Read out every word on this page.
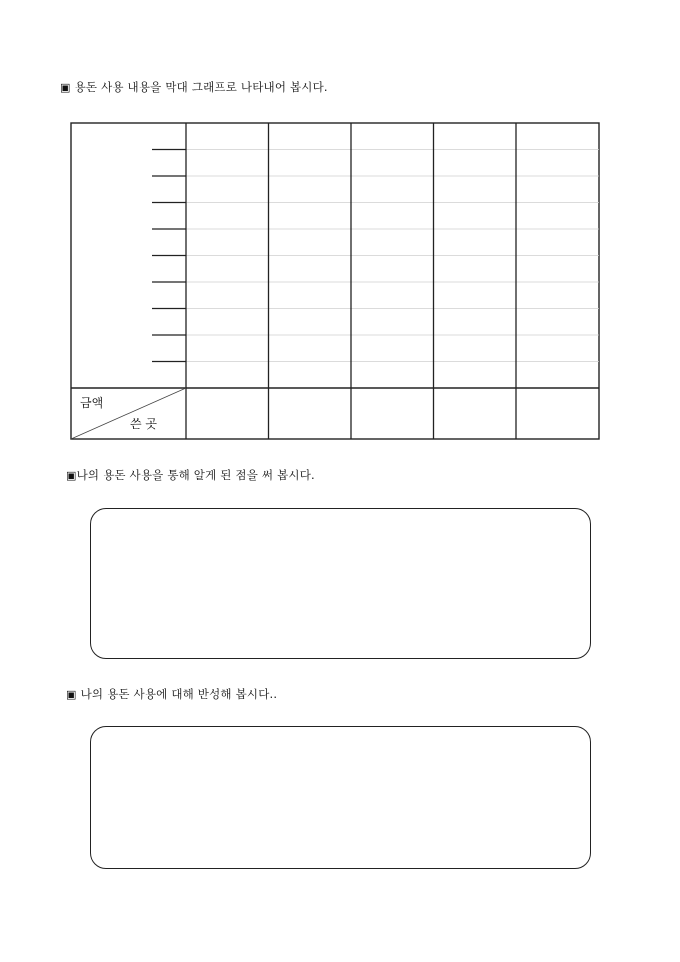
▣ 용돈 사용 내용을 막대 그래프로 나타내어 봅시다.
금액
쓴 곳
▣나의 용돈 사용을 통해 알게 된 점을 써 봅시다.
▣ 나의 용돈 사용에 대해 반성해 봅시다..
